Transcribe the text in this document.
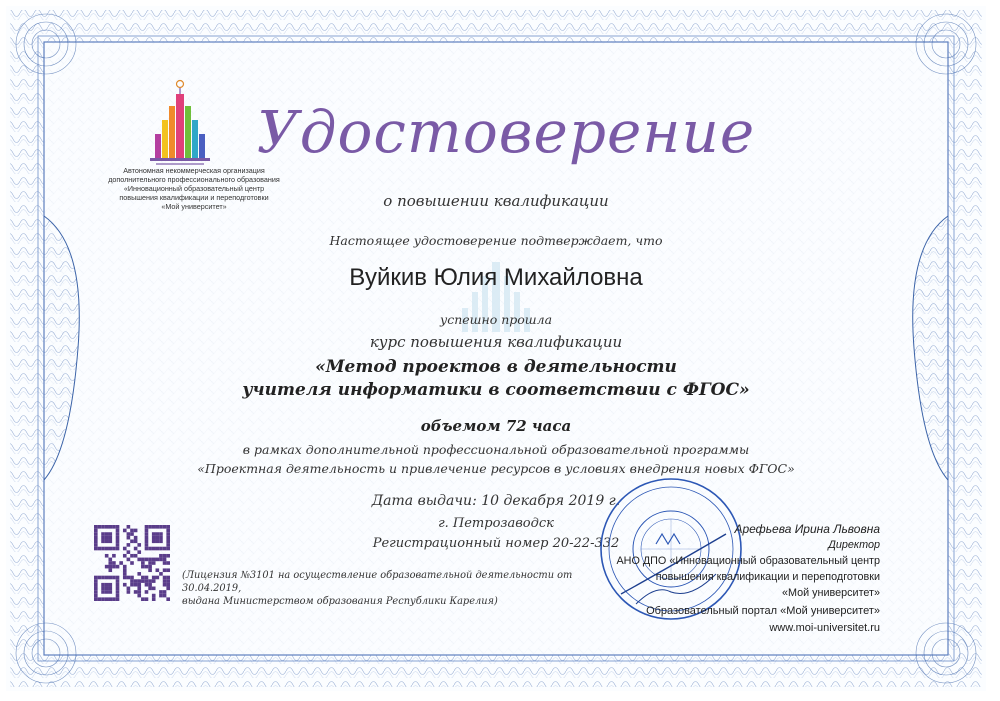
Автономная некоммерческая организация
дополнительного профессионального образования
«Инновационный образовательный центр
повышения квалификации и переподготовки
«Мой университет»
Удостоверение
о повышении квалификации
Настоящее удостоверение подтверждает, что
Вуйкив Юлия Михайловна
успешно прошла
курс повышения квалификации
«Метод проектов в деятельности
учителя информатики в соответствии с ФГОС»
объемом 72 часа
в рамках дополнительной профессиональной образовательной программы
«Проектная деятельность и привлечение ресурсов в условиях внедрения новых ФГОС»
Дата выдачи: 10 декабря 2019 г.
г. Петрозаводск
Регистрационный номер 20-22-332
(Лицензия №3101 на осуществление образовательной деятельности от 30.04.2019,
выдана Министерством образования Республики Карелия)
Арефьева Ирина Львовна
Директор
АНО ДПО «Инновационный образовательный центр
повышения квалификации и переподготовки
«Мой университет»
Образовательный портал «Мой университет»
www.moi-universitet.ru
